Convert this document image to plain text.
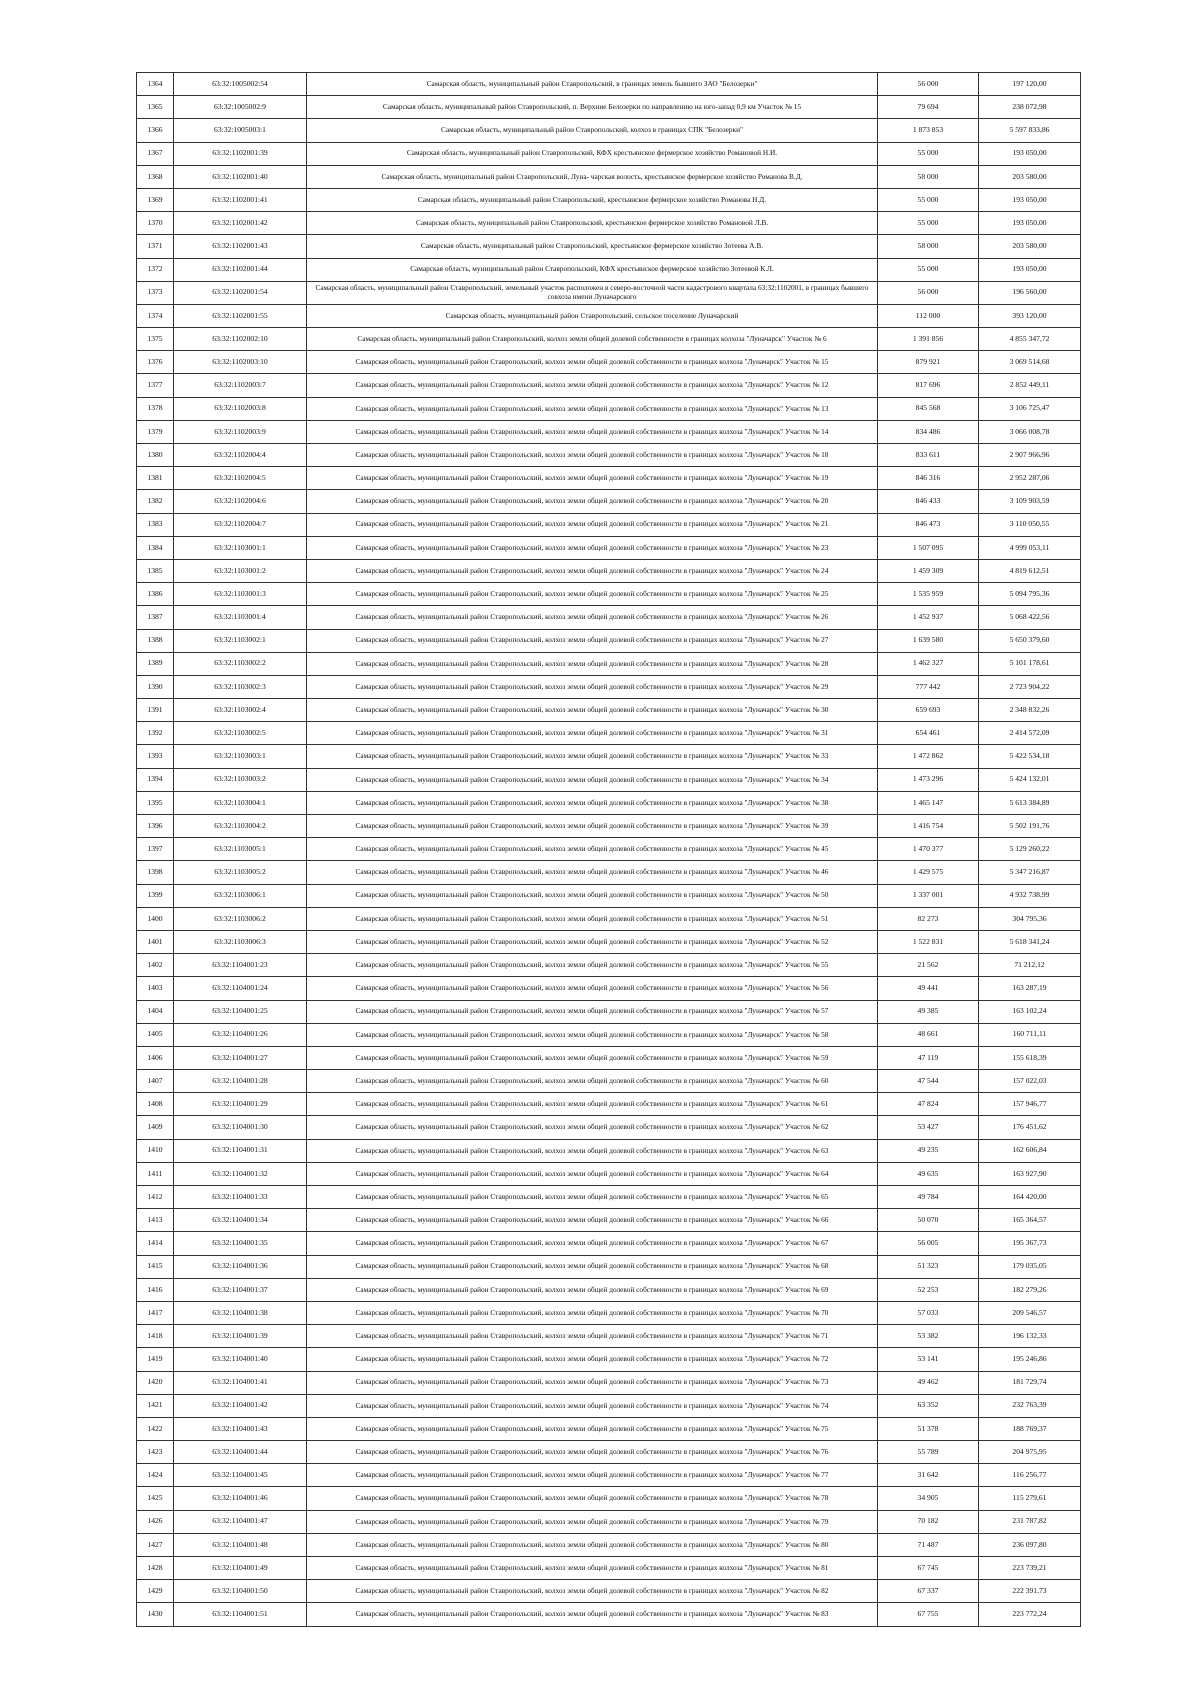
1364	63:32:1005002:54	Самарская область, муниципальный район Ставропольский, в границах земель бывшего ЗАО "Белозерки"	56 000	197 120,00
1365	63:32:1005002:9	Самарская область, муниципальный район Ставропольский, п. Верхние Белозерки по направлению на юго-запад 0,9 км Участок № 15	79 694	238 072,98
1366	63:32:1005003:1	Самарская область, муниципальный район Ставропольский, колхоз в границах СПК "Белозерки"	1 873 853	5 597 833,86
1367	63:32:1102001:39	Самарская область, муниципальный район Ставропольский, КФХ крестьянское фермерское хозяйство Романовой Н.И.	55 000	193 050,00
1368	63:32:1102001:40	Самарская область, муниципальный район Ставропольский, Луна- чарская волость, крестьянское фермерское хозяйство Романова В.Д.	58 000	203 580,00
1369	63:32:1102001:41	Самарская область, муниципальный район Ставропольский, крестьянское фермерское хозяйство Романова Н.Д.	55 000	193 050,00
1370	63:32:1102001:42	Самарская область, муниципальный район Ставропольский, крестьянское фермерское хозяйство Романовой Л.В.	55 000	193 050,00
1371	63:32:1102001:43	Самарская область, муниципальный район Ставропольский, крестьянское фермерское хозяйство Зотеева А.В.	58 000	203 580,00
1372	63:32:1102001:44	Самарская область, муниципальный район Ставропольский, КФХ крестьянское фермерское хозяйство Зотеевой К.Л.	55 000	193 050,00
1373	63:32:1102001:54	Самарская область, муниципальный район Ставропольский, земельный участок расположен в северо-восточной части кадастрового квартала 63:32:1102001, в границах бывшего совхоза имени Луначарского	56 000	196 560,00
1374	63:32:1102001:55	Самарская область, муниципальный район Ставропольский, сельское поселение Луначарский	112 000	393 120,00
1375	63:32:1102002:10	Самарская область, муниципальный район Ставропольский, колхоз земли общей долевой собственности в границах колхоза "Луначарск" Участок № 6	1 391 856	4 855 347,72
1376	63:32:1102003:10	Самарская область, муниципальный район Ставропольский, колхоз земли общей долевой собственности в границах колхоза "Луначарск" Участок № 15	879 921	3 069 514,68
1377	63:32:1102003:7	Самарская область, муниципальный район Ставропольский, колхоз земли общей долевой собственности в границах колхоза "Луначарск" Участок № 12	817 696	2 852 449,11
1378	63:32:1102003:8	Самарская область, муниципальный район Ставропольский, колхоз земли общей долевой собственности в границах колхоза "Луначарск" Участок № 13	845 568	3 106 725,47
1379	63:32:1102003:9	Самарская область, муниципальный район Ставропольский, колхоз земли общей долевой собственности в границах колхоза "Луначарск" Участок № 14	834 486	3 066 008,78
1380	63:32:1102004:4	Самарская область, муниципальный район Ставропольский, колхоз земли общей долевой собственности в границах колхоза "Луначарск" Участок № 18	833 611	2 907 966,96
1381	63:32:1102004:5	Самарская область, муниципальный район Ставропольский, колхоз земли общей долевой собственности в границах колхоза "Луначарск" Участок № 19	846 316	2 952 287,06
1382	63:32:1102004:6	Самарская область, муниципальный район Ставропольский, колхоз земли общей долевой собственности в границах колхоза "Луначарск" Участок № 20	846 433	3 109 903,59
1383	63:32:1102004:7	Самарская область, муниципальный район Ставропольский, колхоз земли общей долевой собственности в границах колхоза "Луначарск" Участок № 21	846 473	3 110 050,55
1384	63:32:1103001:1	Самарская область, муниципальный район Ставропольский, колхоз земли общей долевой собственности в границах колхоза "Луначарск" Участок № 23	1 507 095	4 999 053,11
1385	63:32:1103001:2	Самарская область, муниципальный район Ставропольский, колхоз земли общей долевой собственности в границах колхоза "Луначарск" Участок № 24	1 459 309	4 819 612,51
1386	63:32:1103001:3	Самарская область, муниципальный район Ставропольский, колхоз земли общей долевой собственности в границах колхоза "Луначарск" Участок № 25	1 535 959	5 094 795,36
1387	63:32:1103001:4	Самарская область, муниципальный район Ставропольский, колхоз земли общей долевой собственности в границах колхоза "Луначарск" Участок № 26	1 452 937	5 068 422,56
1388	63:32:1103002:1	Самарская область, муниципальный район Ставропольский, колхоз земли общей долевой собственности в границах колхоза "Луначарск" Участок № 27	1 639 580	5 650 379,60
1389	63:32:1103002:2	Самарская область, муниципальный район Ставропольский, колхоз земли общей долевой собственности в границах колхоза "Луначарск" Участок № 28	1 462 327	5 101 178,61
1390	63:32:1103002:3	Самарская область, муниципальный район Ставропольский, колхоз земли общей долевой собственности в границах колхоза "Луначарск" Участок № 29	777 442	2 723 904,22
1391	63:32:1103002:4	Самарская область, муниципальный район Ставропольский, колхоз земли общей долевой собственности в границах колхоза "Луначарск" Участок № 30	659 693	2 348 832,26
1392	63:32:1103002:5	Самарская область, муниципальный район Ставропольский, колхоз земли общей долевой собственности в границах колхоза "Луначарск" Участок № 31	654 461	2 414 572,09
1393	63:32:1103003:1	Самарская область, муниципальный район Ставропольский, колхоз земли общей долевой собственности в границах колхоза "Луначарск" Участок № 33	1 472 862	5 422 534,18
1394	63:32:1103003:2	Самарская область, муниципальный район Ставропольский, колхоз земли общей долевой собственности в границах колхоза "Луначарск" Участок № 34	1 473 296	5 424 132,01
1395	63:32:1103004:1	Самарская область, муниципальный район Ставропольский, колхоз земли общей долевой собственности в границах колхоза "Луначарск" Участок № 38	1 465 147	5 613 384,89
1396	63:32:1103004:2	Самарская область, муниципальный район Ставропольский, колхоз земли общей долевой собственности в границах колхоза "Луначарск" Участок № 39	1 416 754	5 502 191,76
1397	63:32:1103005:1	Самарская область, муниципальный район Ставропольский, колхоз земли общей долевой собственности в границах колхоза "Луначарск" Участок № 45	1 470 377	5 129 260,22
1398	63:32:1103005:2	Самарская область, муниципальный район Ставропольский, колхоз земли общей долевой собственности в границах колхоза "Луначарск" Участок № 46	1 429 575	5 347 216,87
1399	63:32:1103006:1	Самарская область, муниципальный район Ставропольский, колхоз земли общей долевой собственности в границах колхоза "Луначарск" Участок № 50	1 337 001	4 932 738,99
1400	63:32:1103006:2	Самарская область, муниципальный район Ставропольский, колхоз земли общей долевой собственности в границах колхоза "Луначарск" Участок № 51	82 273	304 795,36
1401	63:32:1103006:3	Самарская область, муниципальный район Ставропольский, колхоз земли общей долевой собственности в границах колхоза "Луначарск" Участок № 52	1 522 831	5 618 341,24
1402	63:32:1104001:23	Самарская область, муниципальный район Ставропольский, колхоз земли общей долевой собственности в границах колхоза "Луначарск" Участок № 55	21 562	71 212,12
1403	63:32:1104001:24	Самарская область, муниципальный район Ставропольский, колхоз земли общей долевой собственности в границах колхоза "Луначарск" Участок № 56	49 441	163 287,19
1404	63:32:1104001:25	Самарская область, муниципальный район Ставропольский, колхоз земли общей долевой собственности в границах колхоза "Луначарск" Участок № 57	49 385	163 102,24
1405	63:32:1104001:26	Самарская область, муниципальный район Ставропольский, колхоз земли общей долевой собственности в границах колхоза "Луначарск" Участок № 58	48 661	160 711,11
1406	63:32:1104001:27	Самарская область, муниципальный район Ставропольский, колхоз земли общей долевой собственности в границах колхоза "Луначарск" Участок № 59	47 119	155 618,39
1407	63:32:1104001:28	Самарская область, муниципальный район Ставропольский, колхоз земли общей долевой собственности в границах колхоза "Луначарск" Участок № 60	47 544	157 022,03
1408	63:32:1104001:29	Самарская область, муниципальный район Ставропольский, колхоз земли общей долевой собственности в границах колхоза "Луначарск" Участок № 61	47 824	157 946,77
1409	63:32:1104001:30	Самарская область, муниципальный район Ставропольский, колхоз земли общей долевой собственности в границах колхоза "Луначарск" Участок № 62	53 427	176 451,62
1410	63:32:1104001:31	Самарская область, муниципальный район Ставропольский, колхоз земли общей долевой собственности в границах колхоза "Луначарск" Участок № 63	49 235	162 606,84
1411	63:32:1104001:32	Самарская область, муниципальный район Ставропольский, колхоз земли общей долевой собственности в границах колхоза "Луначарск" Участок № 64	49 635	163 927,90
1412	63:32:1104001:33	Самарская область, муниципальный район Ставропольский, колхоз земли общей долевой собственности в границах колхоза "Луначарск" Участок № 65	49 784	164 420,00
1413	63:32:1104001:34	Самарская область, муниципальный район Ставропольский, колхоз земли общей долевой собственности в границах колхоза "Луначарск" Участок № 66	50 070	165 364,57
1414	63:32:1104001:35	Самарская область, муниципальный район Ставропольский, колхоз земли общей долевой собственности в границах колхоза "Луначарск" Участок № 67	56 005	195 367,73
1415	63:32:1104001:36	Самарская область, муниципальный район Ставропольский, колхоз земли общей долевой собственности в границах колхоза "Луначарск" Участок № 68	51 323	179 035,05
1416	63:32:1104001:37	Самарская область, муниципальный район Ставропольский, колхоз земли общей долевой собственности в границах колхоза "Луначарск" Участок № 69	52 253	182 279,26
1417	63:32:1104001:38	Самарская область, муниципальный район Ставропольский, колхоз земли общей долевой собственности в границах колхоза "Луначарск" Участок № 70	57 033	209 546,57
1418	63:32:1104001:39	Самарская область, муниципальный район Ставропольский, колхоз земли общей долевой собственности в границах колхоза "Луначарск" Участок № 71	53 382	196 132,33
1419	63:32:1104001:40	Самарская область, муниципальный район Ставропольский, колхоз земли общей долевой собственности в границах колхоза "Луначарск" Участок № 72	53 141	195 246,86
1420	63:32:1104001:41	Самарская область, муниципальный район Ставропольский, колхоз земли общей долевой собственности в границах колхоза "Луначарск" Участок № 73	49 462	181 729,74
1421	63:32:1104001:42	Самарская область, муниципальный район Ставропольский, колхоз земли общей долевой собственности в границах колхоза "Луначарск" Участок № 74	63 352	232 763,39
1422	63:32:1104001:43	Самарская область, муниципальный район Ставропольский, колхоз земли общей долевой собственности в границах колхоза "Луначарск" Участок № 75	51 378	188 769,37
1423	63:32:1104001:44	Самарская область, муниципальный район Ставропольский, колхоз земли общей долевой собственности в границах колхоза "Луначарск" Участок № 76	55 789	204 975,95
1424	63:32:1104001:45	Самарская область, муниципальный район Ставропольский, колхоз земли общей долевой собственности в границах колхоза "Луначарск" Участок № 77	31 642	116 256,77
1425	63:32:1104001:46	Самарская область, муниципальный район Ставропольский, колхоз земли общей долевой собственности в границах колхоза "Луначарск" Участок № 78	34 905	115 279,61
1426	63:32:1104001:47	Самарская область, муниципальный район Ставропольский, колхоз земли общей долевой собственности в границах колхоза "Луначарск" Участок № 79	70 182	231 787,82
1427	63:32:1104001:48	Самарская область, муниципальный район Ставропольский, колхоз земли общей долевой собственности в границах колхоза "Луначарск" Участок № 80	71 487	236 097,80
1428	63:32:1104001:49	Самарская область, муниципальный район Ставропольский, колхоз земли общей долевой собственности в границах колхоза "Луначарск" Участок № 81	67 745	223 739,21
1429	63:32:1104001:50	Самарская область, муниципальный район Ставропольский, колхоз земли общей долевой собственности в границах колхоза "Луначарск" Участок № 82	67 337	222 391,73
1430	63:32:1104001:51	Самарская область, муниципальный район Ставропольский, колхоз земли общей долевой собственности в границах колхоза "Луначарск" Участок № 83	67 755	223 772,24
